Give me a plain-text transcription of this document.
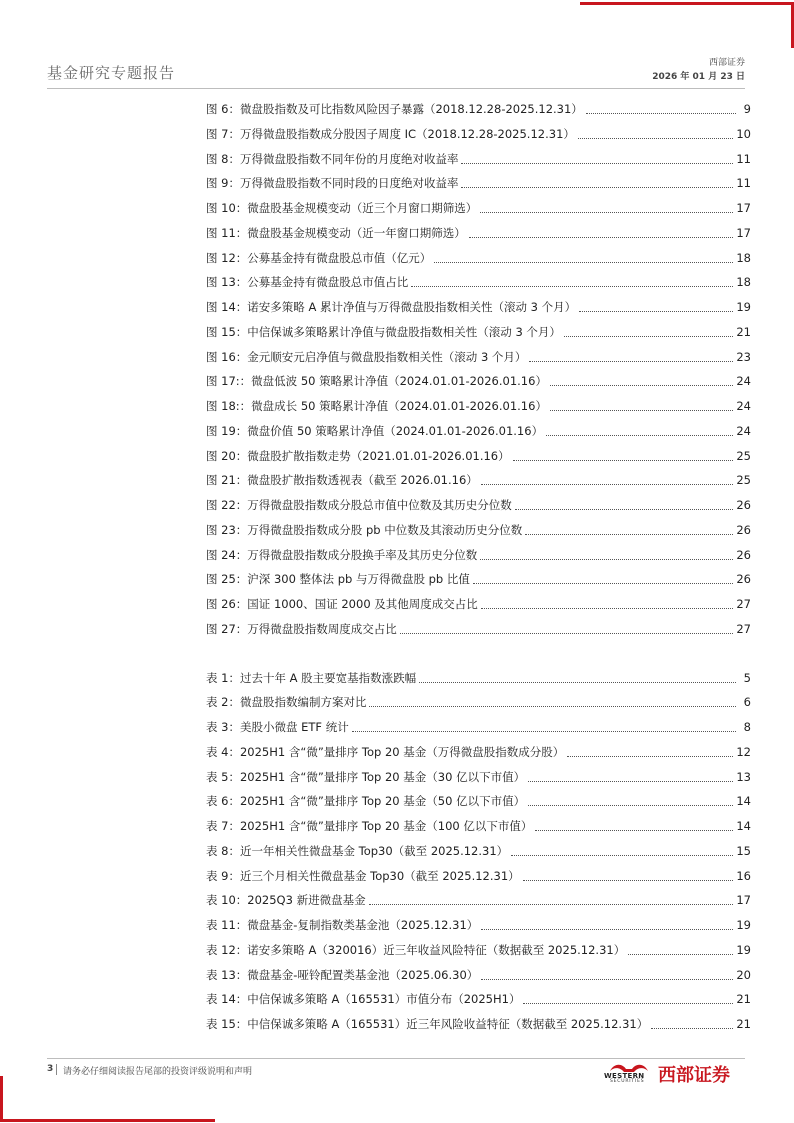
基金研究专题报告
西部证券
2026 年 01 月 23 日
图 6：微盘股指数及可比指数风险因子暴露（2018.12.28-2025.12.31）	9
图 7：万得微盘股指数成分股因子周度 IC（2018.12.28-2025.12.31）	10
图 8：万得微盘股指数不同年份的月度绝对收益率	11
图 9：万得微盘股指数不同时段的日度绝对收益率	11
图 10：微盘股基金规模变动（近三个月窗口期筛选）	17
图 11：微盘股基金规模变动（近一年窗口期筛选）	17
图 12：公募基金持有微盘股总市值（亿元）	18
图 13：公募基金持有微盘股总市值占比	18
图 14：诺安多策略 A 累计净值与万得微盘股指数相关性（滚动 3 个月）	19
图 15：中信保诚多策略累计净值与微盘股指数相关性（滚动 3 个月）	21
图 16：金元顺安元启净值与微盘股指数相关性（滚动 3 个月）	23
图 17:：微盘低波 50 策略累计净值（2024.01.01-2026.01.16）	24
图 18:：微盘成长 50 策略累计净值（2024.01.01-2026.01.16）	24
图 19：微盘价值 50 策略累计净值（2024.01.01-2026.01.16）	24
图 20：微盘股扩散指数走势（2021.01.01-2026.01.16）	25
图 21：微盘股扩散指数透视表（截至 2026.01.16）	25
图 22：万得微盘股指数成分股总市值中位数及其历史分位数	26
图 23：万得微盘股指数成分股 pb 中位数及其滚动历史分位数	26
图 24：万得微盘股指数成分股换手率及其历史分位数	26
图 25：沪深 300 整体法 pb 与万得微盘股 pb 比值	26
图 26：国证 1000、国证 2000 及其他周度成交占比	27
图 27：万得微盘股指数周度成交占比	27
表 1：过去十年 A 股主要宽基指数涨跌幅	5
表 2：微盘股指数编制方案对比	6
表 3：美股小微盘 ETF 统计	8
表 4：2025H1 含“微”量排序 Top 20 基金（万得微盘股指数成分股）	12
表 5：2025H1 含“微”量排序 Top 20 基金（30 亿以下市值）	13
表 6：2025H1 含“微”量排序 Top 20 基金（50 亿以下市值）	14
表 7：2025H1 含“微”量排序 Top 20 基金（100 亿以下市值）	14
表 8：近一年相关性微盘基金 Top30（截至 2025.12.31）	15
表 9：近三个月相关性微盘基金 Top30（截至 2025.12.31）	16
表 10：2025Q3 新进微盘基金	17
表 11：微盘基金-复制指数类基金池（2025.12.31）	19
表 12：诺安多策略 A（320016）近三年收益风险特征（数据截至 2025.12.31）	19
表 13：微盘基金-哑铃配置类基金池（2025.06.30）	20
表 14：中信保诚多策略 A（165531）市值分布（2025H1）	21
表 15：中信保诚多策略 A（165531）近三年风险收益特征（数据截至 2025.12.31）	21
3 请务必仔细阅读报告尾部的投资评级说明和声明	WESTERN
SECURITIES 西部证券
